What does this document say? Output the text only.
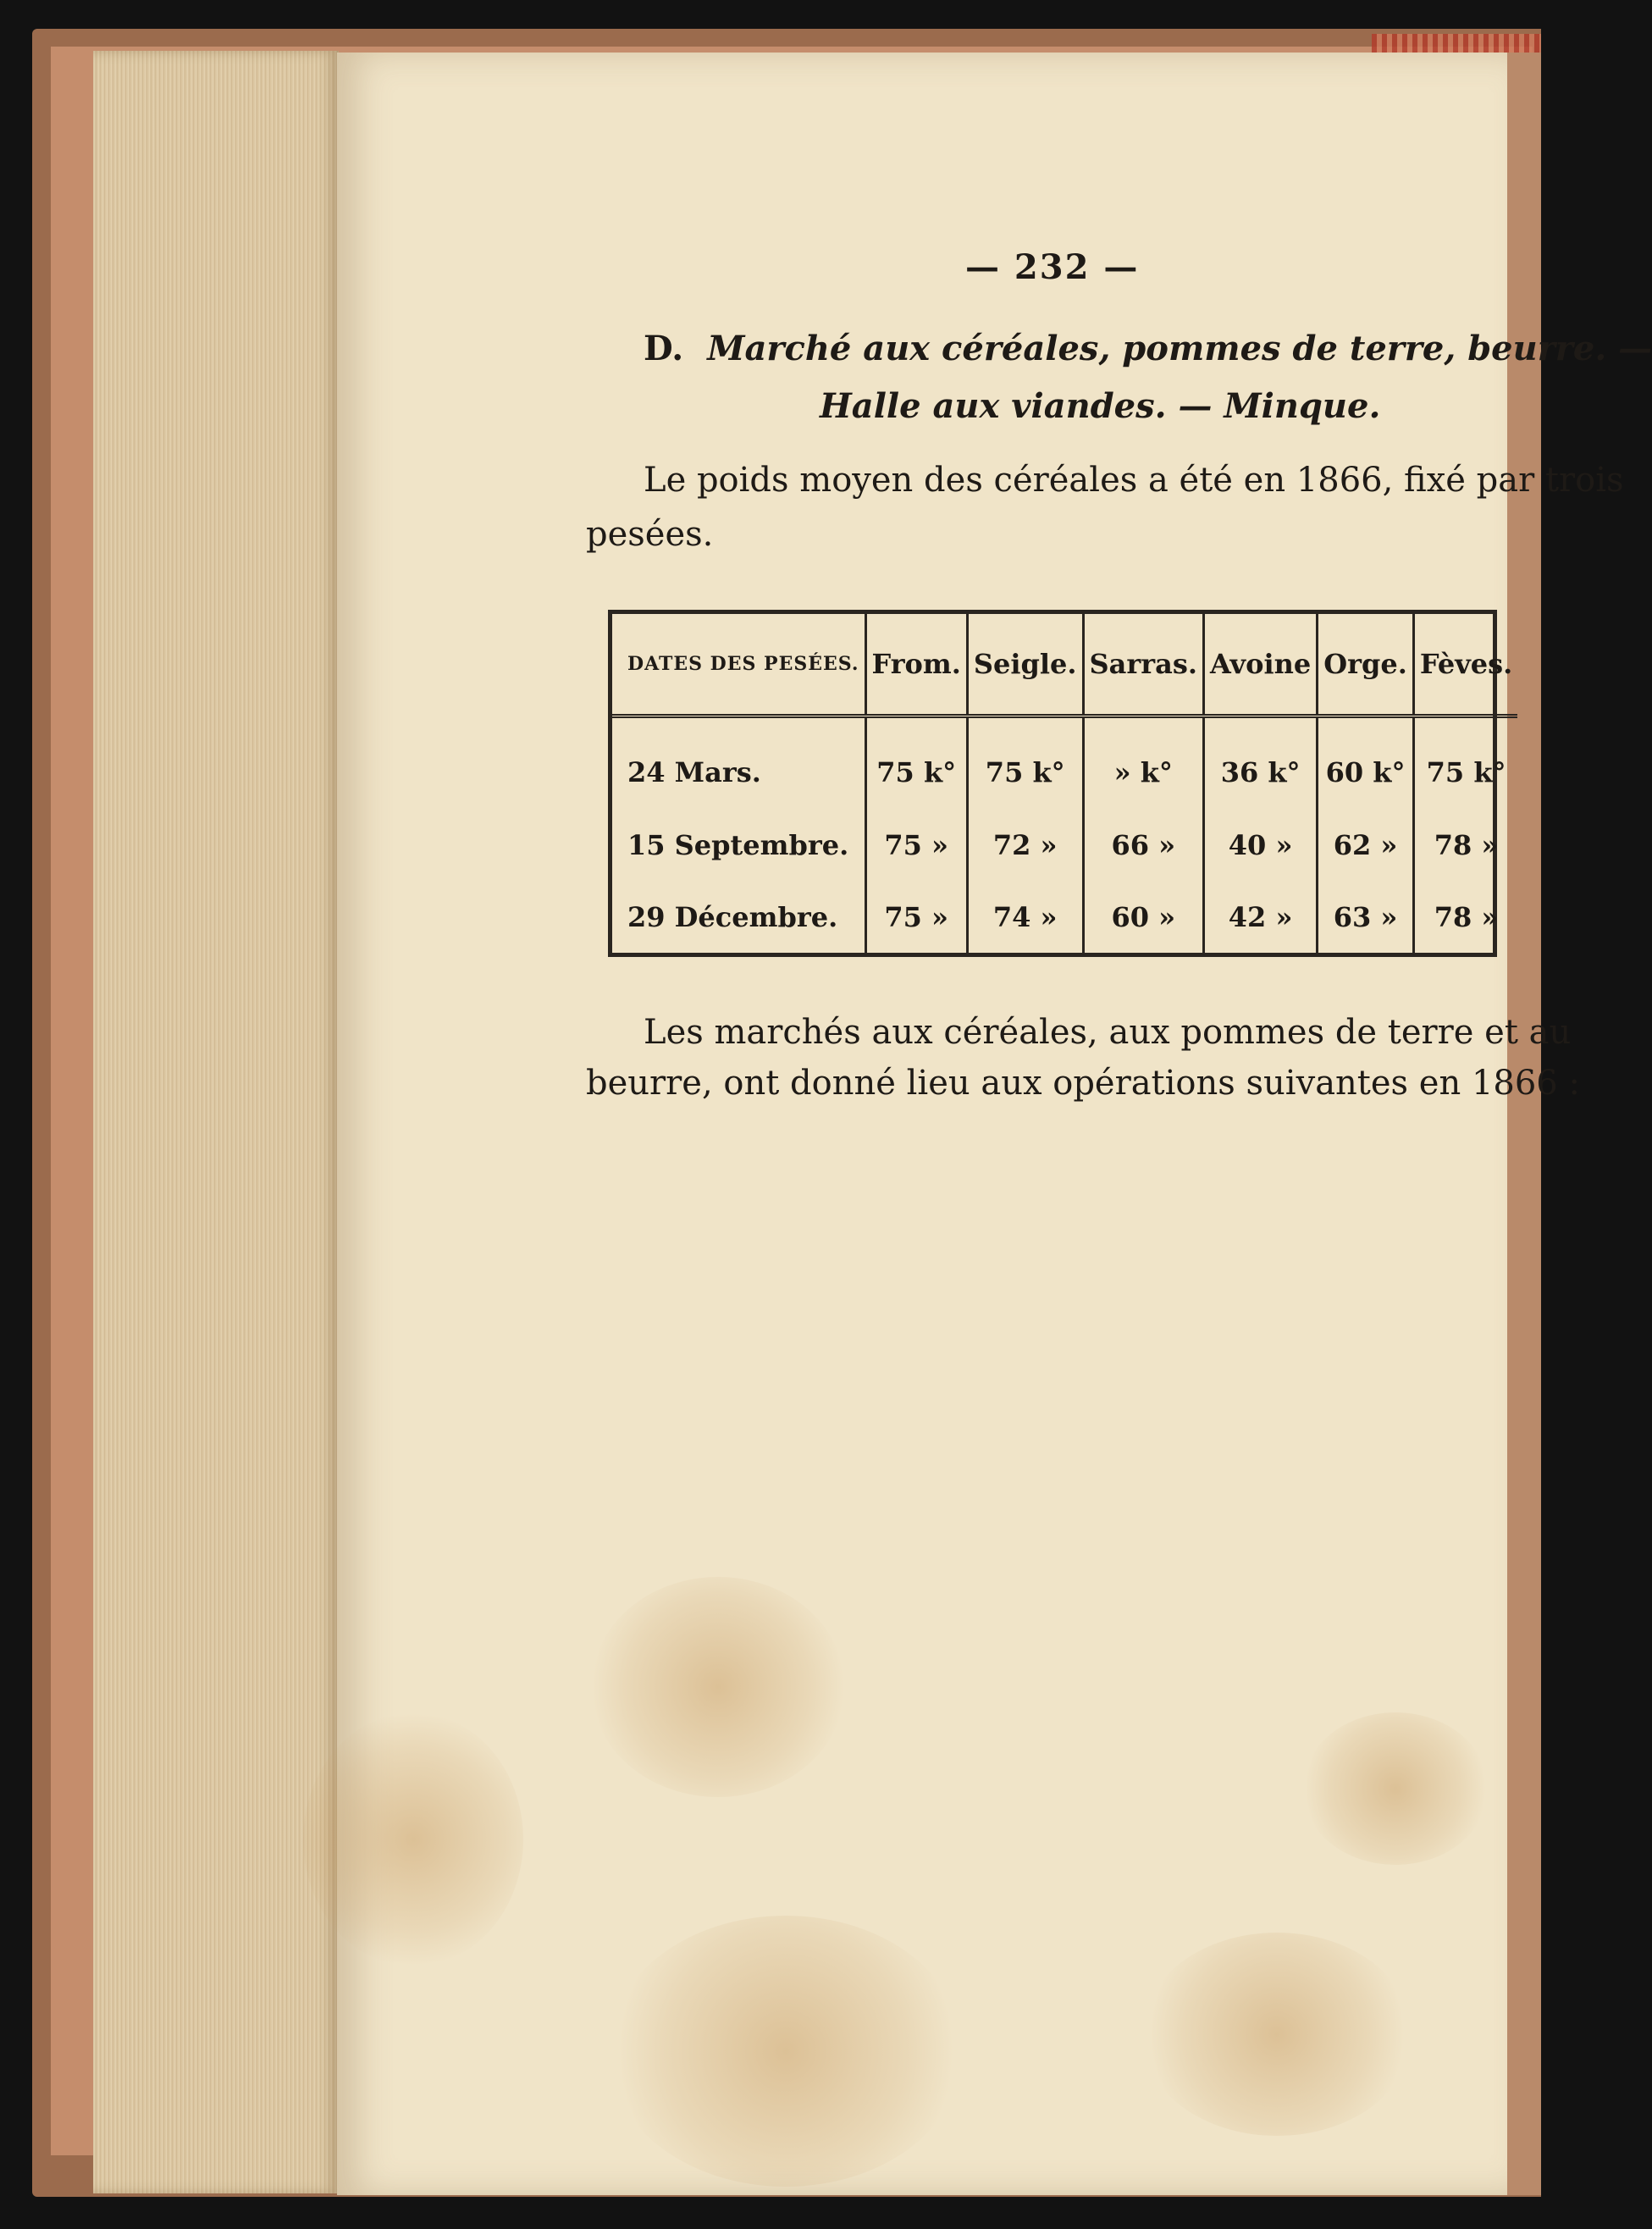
— 232 —
D. Marché aux céréales, pommes de terre, beurre. —
Halle aux viandes. — Minque.
Le poids moyen des céréales a été en 1866, fixé par trois
pesées.
DATES DES PESÉES.	From.	Seigle.	Sarras.	Avoine	Orge.	Fèves.
24 Mars.	75 k°	75 k°	» k°	36 k°	60 k°	75 k°
15 Septembre.	75 »	72 »	66 »	40 »	62 »	78 »
29 Décembre.	75 »	74 »	60 »	42 »	63 »	78 »
Les marchés aux céréales, aux pommes de terre et au
beurre, ont donné lieu aux opérations suivantes en 1866 :
